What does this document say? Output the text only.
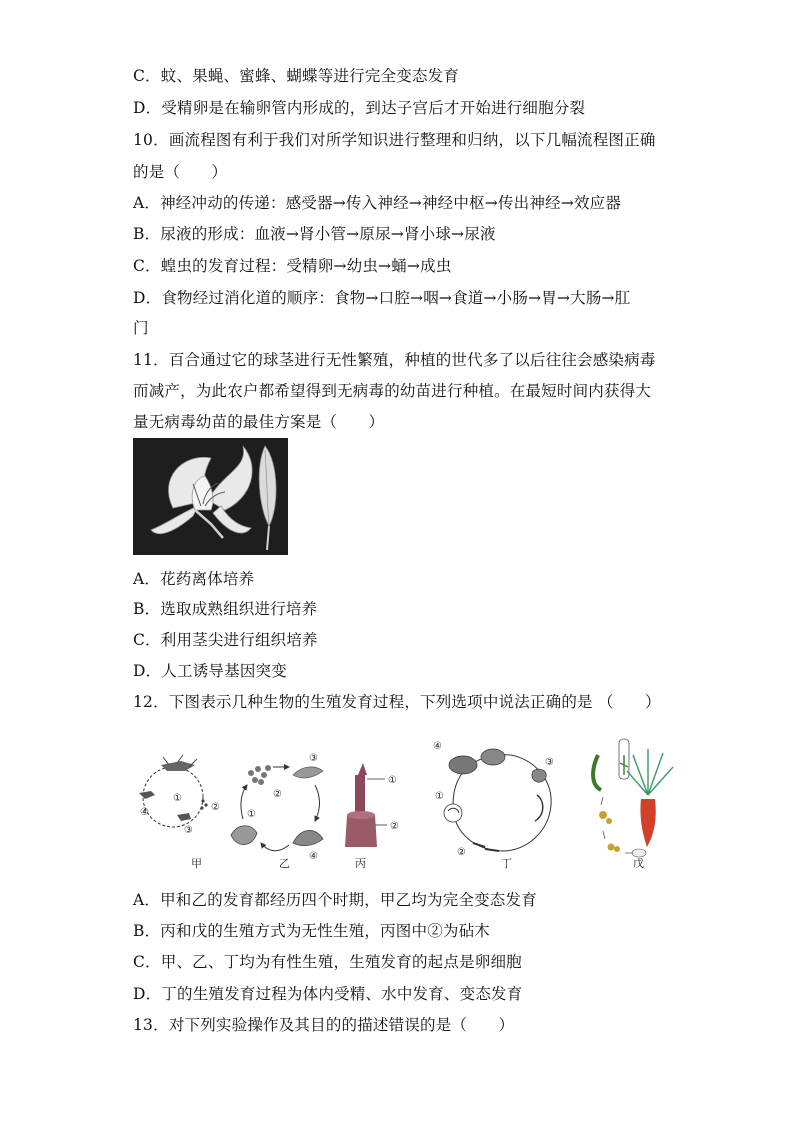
C．蚊、果蝇、蜜蜂、蝴蝶等进行完全变态发育
D．受精卵是在输卵管内形成的，到达子宫后才开始进行细胞分裂
10．画流程图有利于我们对所学知识进行整理和归纳，以下几幅流程图正确
的是（　　）
A．神经冲动的传递：感受器→传入神经→神经中枢→传出神经→效应器
B．尿液的形成：血液→肾小管→原尿→肾小球→尿液
C．蝗虫的发育过程：受精卵→幼虫→蛹→成虫
D．食物经过消化道的顺序：食物→口腔→咽→食道→小肠→胃→大肠→肛
门
11．百合通过它的球茎进行无性繁殖，种植的世代多了以后往往会感染病毒
而减产，为此农户都希望得到无病毒的幼苗进行种植。在最短时间内获得大
量无病毒幼苗的最佳方案是（　　）
A．花药离体培养
B．选取成熟组织进行培养
C．利用茎尖进行组织培养
D．人工诱导基因突变
12．下图表示几种生物的生殖发育过程，下列选项中说法正确的是 （　　）
①
②
③
④
甲
①
②
③
④
乙
①
②
丙
①
②
③
④
丁	戊
A．甲和乙的发育都经历四个时期，甲乙均为完全变态发育
B．丙和戊的生殖方式为无性生殖，丙图中②为砧木
C．甲、乙、丁均为有性生殖，生殖发育的起点是卵细胞
D．丁的生殖发育过程为体内受精、水中发育、变态发育
13．对下列实验操作及其目的的描述错误的是（　　）
